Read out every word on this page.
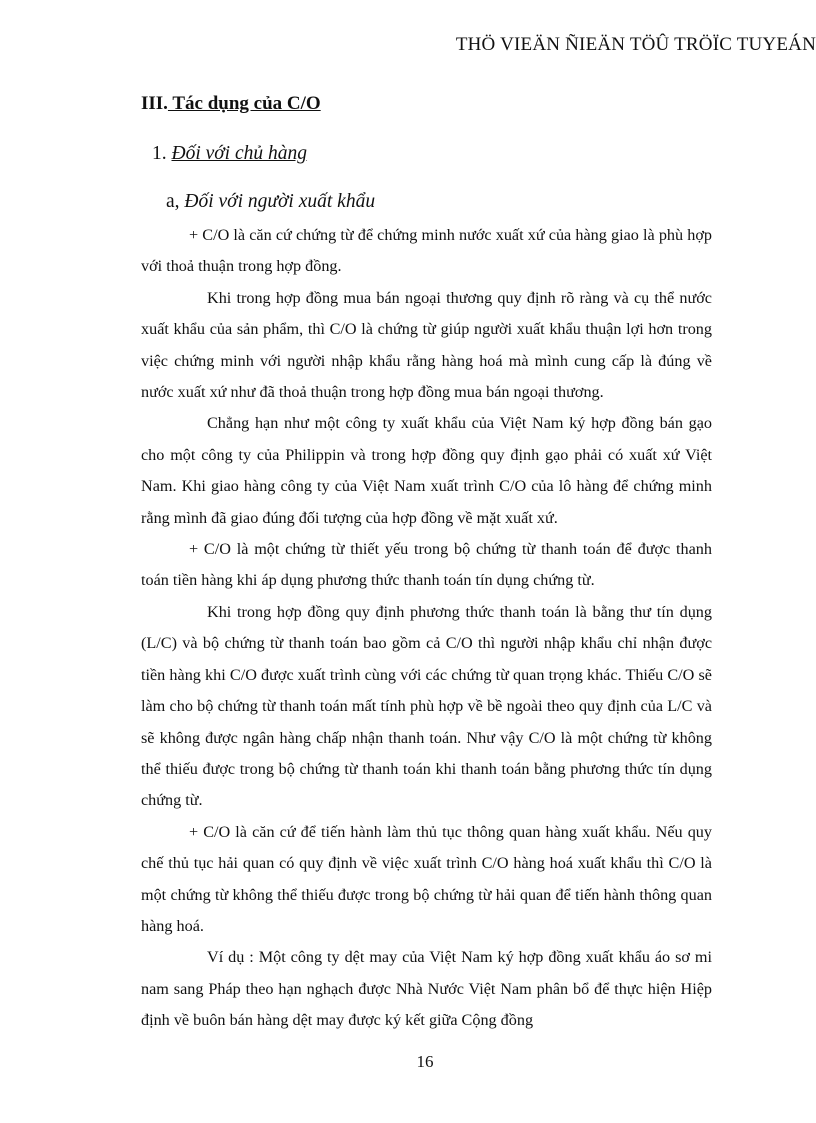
THÖ VIEÄN ÑIEÄN TÖÛ TRÖÏC TUYEÁN
III. Tác dụng của C/O
1. Đối với chủ hàng
a, Đối với người xuất khẩu

+ C/O là căn cứ chứng từ để chứng minh nước xuất xứ của hàng giao là phù hợp với thoả thuận trong hợp đồng.

Khi trong hợp đồng mua bán ngoại thương quy định rõ ràng và cụ thể nước xuất khẩu của sản phẩm, thì C/O là chứng từ giúp người xuất khẩu thuận lợi hơn trong việc chứng minh với người nhập khẩu rằng hàng hoá mà mình cung cấp là đúng về nước xuất xứ như đã thoả thuận trong hợp đồng mua bán ngoại thương.

Chẳng hạn như một công ty xuất khẩu của Việt Nam ký hợp đồng bán gạo cho một công ty của Philippin và trong hợp đồng quy định gạo phải có xuất xứ Việt Nam. Khi giao hàng công ty của Việt Nam xuất trình C/O của lô hàng để chứng minh rằng mình đã giao đúng đối tượng của hợp đồng về mặt xuất xứ.

+ C/O là một chứng từ thiết yếu trong bộ chứng từ thanh toán để được thanh toán tiền hàng khi áp dụng phương thức thanh toán tín dụng chứng từ.

Khi trong hợp đồng quy định phương thức thanh toán là bằng thư tín dụng (L/C) và bộ chứng từ thanh toán bao gồm cả C/O thì người nhập khẩu chỉ nhận được tiền hàng khi C/O được xuất trình cùng với các chứng từ quan trọng khác. Thiếu C/O sẽ làm cho bộ chứng từ thanh toán mất tính phù hợp về bề ngoài theo quy định của L/C và sẽ không được ngân hàng chấp nhận thanh toán. Như vậy C/O là một chứng từ không thể thiếu được trong bộ chứng từ thanh toán khi thanh toán bằng phương thức tín dụng chứng từ.

+ C/O là căn cứ để tiến hành làm thủ tục thông quan hàng xuất khẩu. Nếu quy chế thủ tục hải quan có quy định về việc xuất trình C/O hàng hoá xuất khẩu thì C/O là một chứng từ không thể thiếu được trong bộ chứng từ hải quan để tiến hành thông quan hàng hoá.

Ví dụ : Một công ty dệt may của Việt Nam ký hợp đồng xuất khẩu áo sơ mi nam sang Pháp theo hạn nghạch được Nhà Nước Việt Nam phân bổ để thực hiện Hiệp định về buôn bán hàng dệt may được ký kết giữa Cộng đồng

16
